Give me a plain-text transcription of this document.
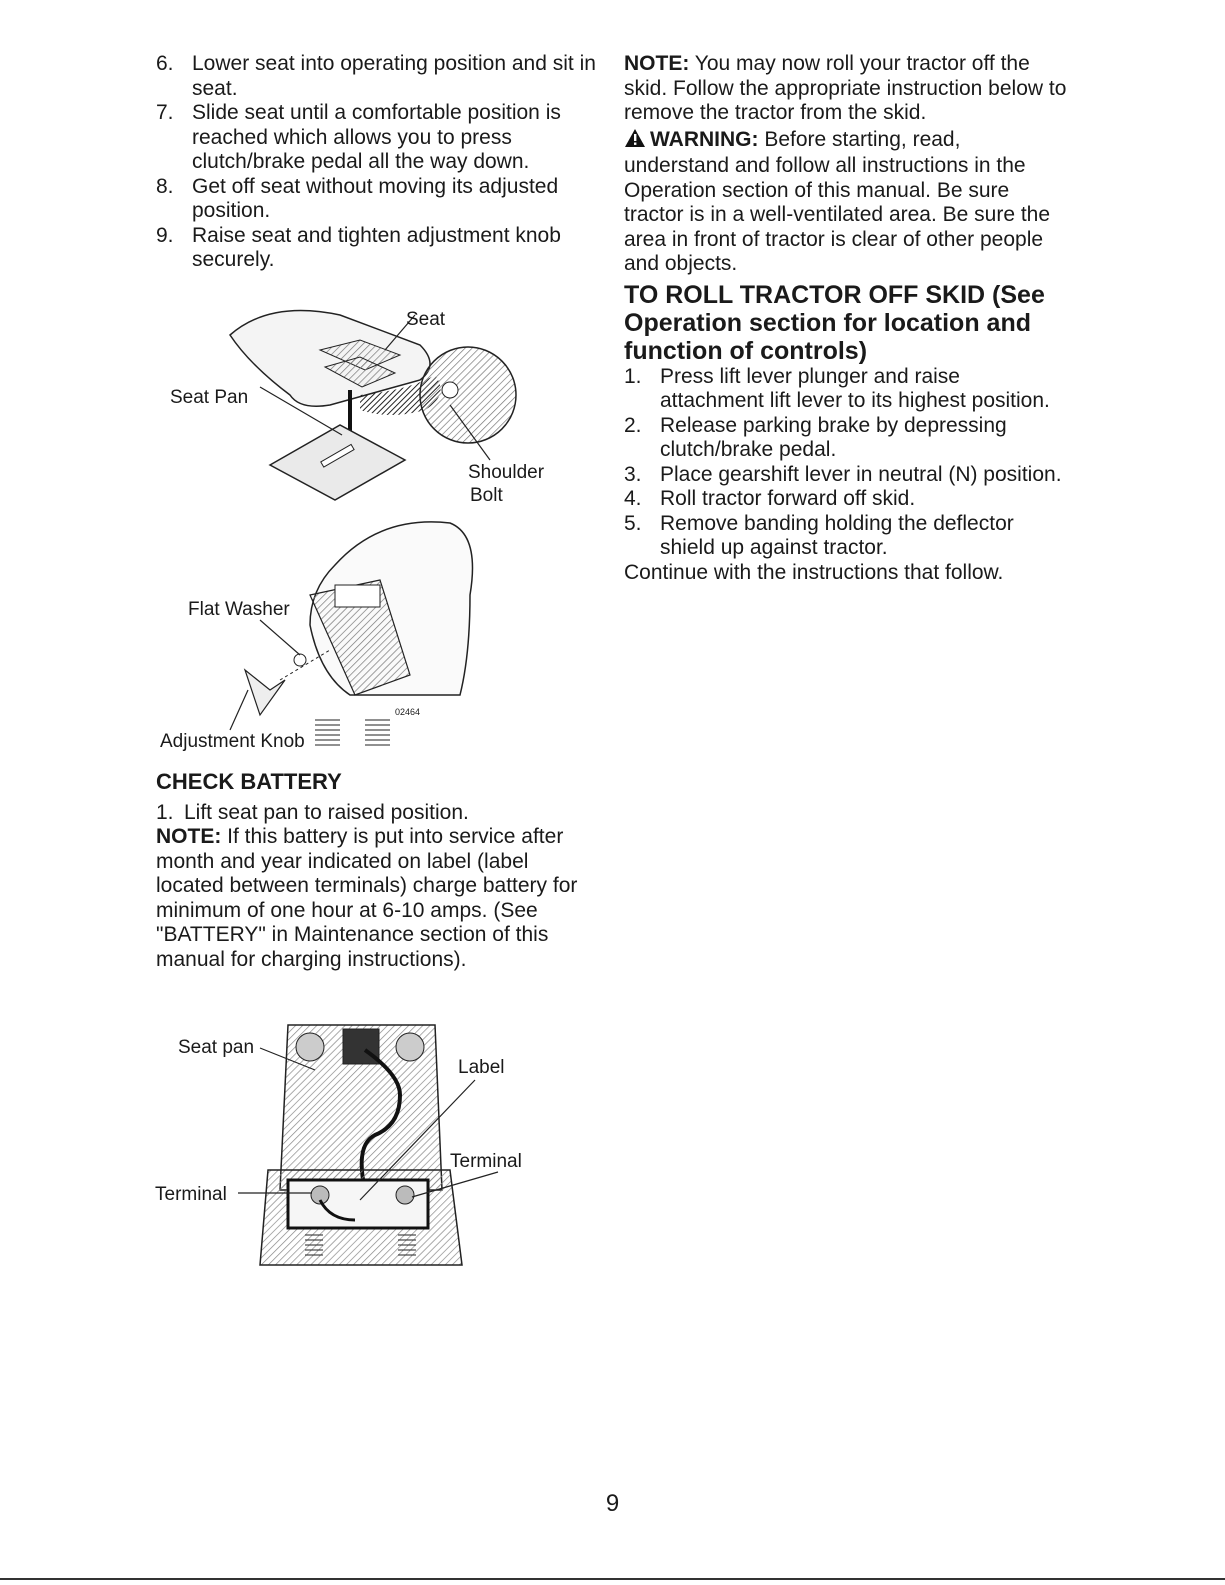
6. Lower seat into operating position and sit in seat.
7. Slide seat until a comfortable position is reached which allows you to press clutch/brake pedal all the way down.
8. Get off seat without moving its adjusted position.
9. Raise seat and tighten adjustment knob securely.
Seat
Seat Pan
Shoulder
Bolt
Flat Washer
Adjustment Knob
02464

CHECK BATTERY

1. Lift seat pan to raised position.

NOTE: If this battery is put into service after month and year indicated on label (label located between terminals) charge battery for minimum of one hour at 6-10 amps. (See "BATTERY" in Maintenance section of this manual for charging instructions).

Seat pan
Label
Terminal
Terminal

NOTE: You may now roll your tractor off the skid. Follow the appropriate instruction below to remove the tractor from the skid.

WARNING: Before starting, read, understand and follow all instructions in the Operation section of this manual. Be sure tractor is in a well-ventilated area. Be sure the area in front of tractor is clear of other people and objects.

TO ROLL TRACTOR OFF SKID (See Operation section for location and function of controls)

1. Press lift lever plunger and raise attachment lift lever to its highest position.
2. Release parking brake by depressing clutch/brake pedal.
3. Place gearshift lever in neutral (N) position.
4. Roll tractor forward off skid.
5. Remove banding holding the deflector shield up against tractor.

Continue with the instructions that follow.

9
